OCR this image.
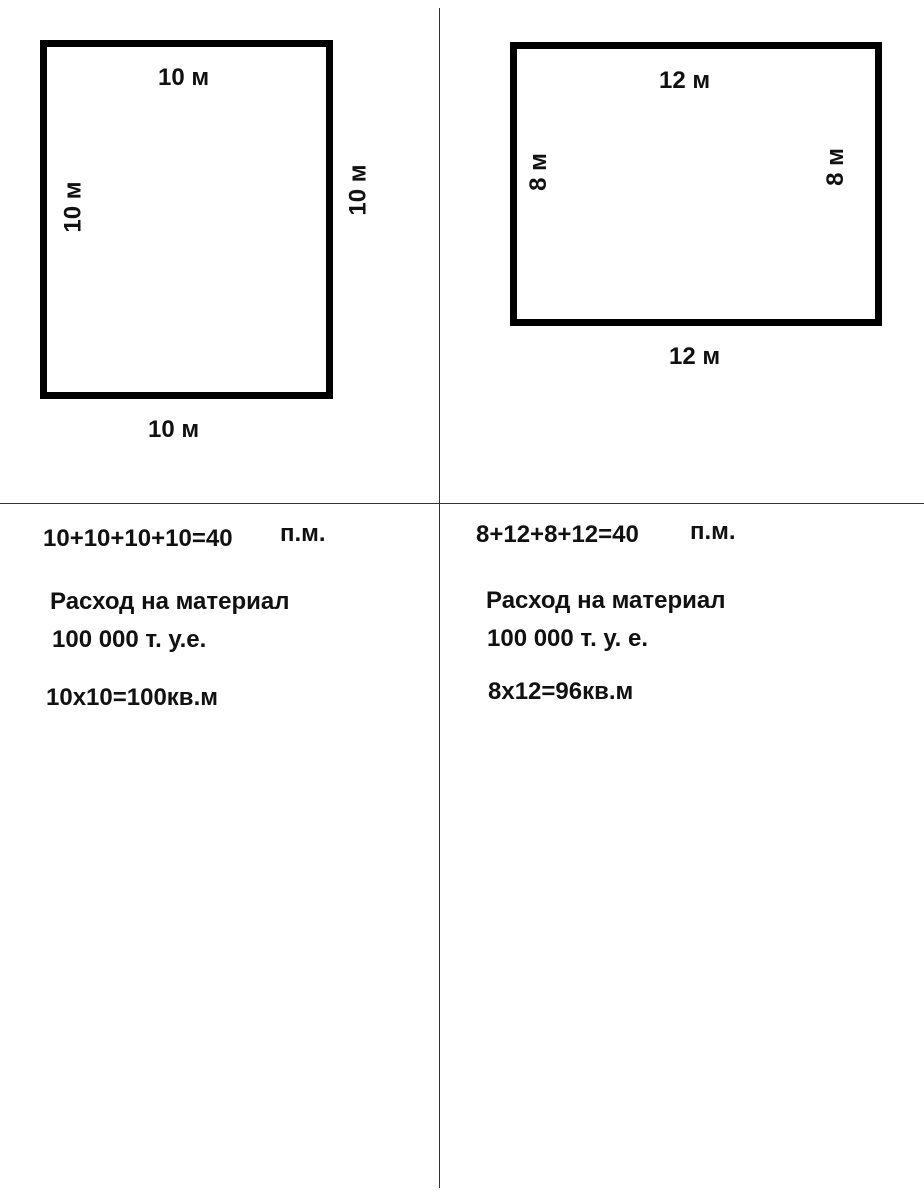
10 м
10 м
10 м	10 м
12 м
12 м
8 м	8 м
10+10+10+10=40 п.м.
Расход на материал
100 000 т. у.е.
10х10=100кв.м
8+12+8+12=40 п.м.
Расход на материал
100 000 т. у. е.
8х12=96кв.м
